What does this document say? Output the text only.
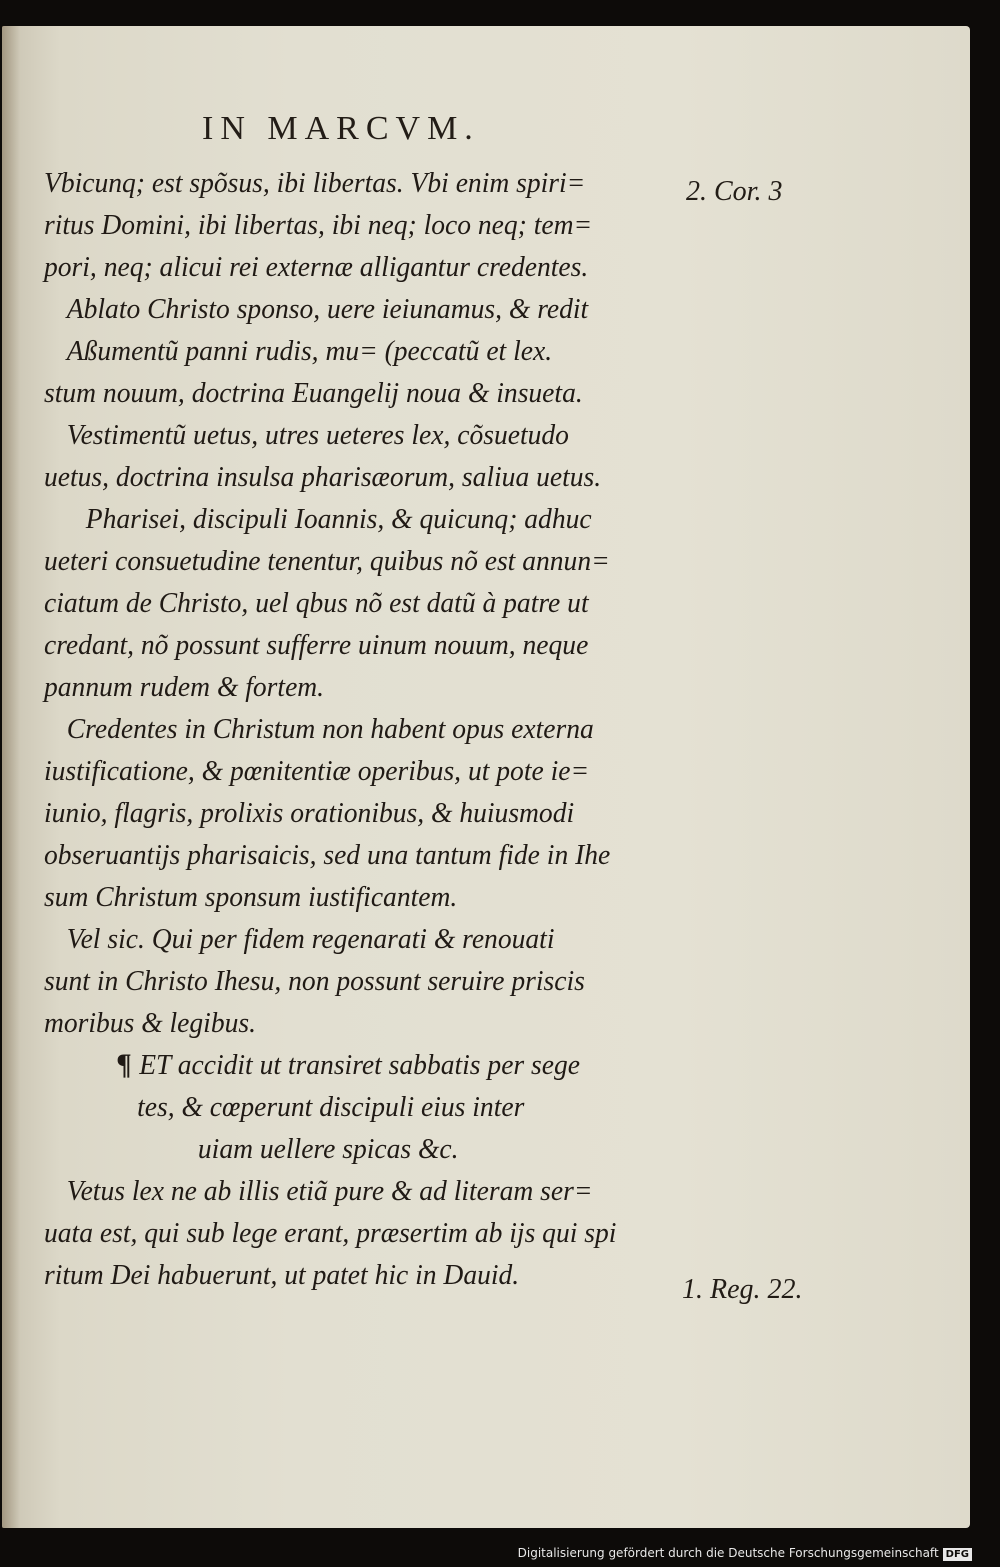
IN MARCVM.
Vbicunq; est spõsus, ibi libertas. Vbi enim spiri=
ritus Domini, ibi libertas, ibi neq; loco neq; tem=
pori, neq; alicui rei externæ alligantur credentes.
Ablato Christo sponso, uere ieiunamus, & redit
Aßumentũ panni rudis, mu= (peccatũ et lex.
stum nouum, doctrina Euangelij noua & insueta.
Vestimentũ uetus, utres ueteres lex, cõsuetudo
uetus, doctrina insulsa pharisæorum, saliua uetus.
Pharisei, discipuli Ioannis, & quicunq; adhuc
ueteri consuetudine tenentur, quibus nõ est annun=
ciatum de Christo, uel qbus nõ est datũ à patre ut
credant, nõ possunt sufferre uinum nouum, neque
pannum rudem & fortem.
Credentes in Christum non habent opus externa
iustificatione, & pœnitentiæ operibus, ut pote ie=
iunio, flagris, prolixis orationibus, & huiusmodi
obseruantijs pharisaicis, sed una tantum fide in Ihe
sum Christum sponsum iustificantem.
Vel sic. Qui per fidem regenarati & renouati
sunt in Christo Ihesu, non possunt seruire priscis
moribus & legibus.
¶ ET accidit ut transiret sabbatis per sege
tes, & cœperunt discipuli eius inter
uiam uellere spicas &c.
Vetus lex ne ab illis etiã pure & ad literam ser=
uata est, qui sub lege erant, præsertim ab ijs qui spi
ritum Dei habuerunt, ut patet hic in Dauid.
2. Cor. 3
1. Reg. 22.
Digitalisierung gefördert durch die Deutsche Forschungsgemeinschaft DFG
